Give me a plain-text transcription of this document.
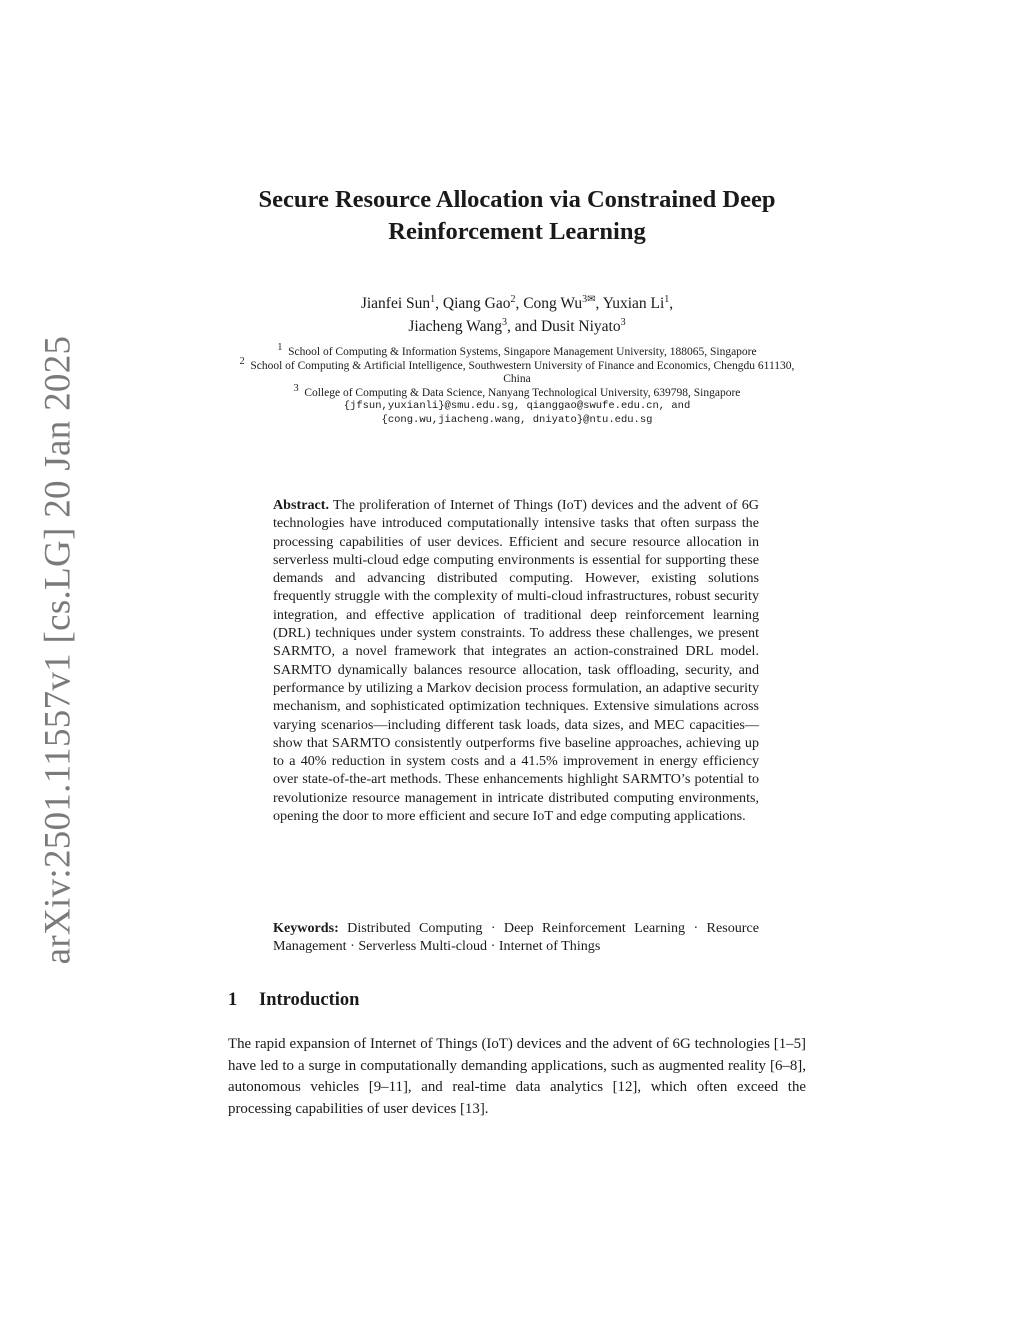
arXiv:2501.11557v1 [cs.LG] 20 Jan 2025
Secure Resource Allocation via Constrained Deep
Reinforcement Learning
Jianfei Sun$^1$, Qiang Gao$^2$, Cong $Wu^{3✉}$, Yuxian Li$^1$,
Jiacheng Wang$^3$, and Dusit Niyato$^3$
$^1$ School of Computing & Information Systems, Singapore Management University, 188065, Singapore
$^2$ School of Computing & Artificial Intelligence, Southwestern University of Finance and Economics, Chengdu 611130, China
$^3$ College of Computing & Data Science, Nanyang Technological University, 639798, Singapore
{jfsun,yuxianli}@smu.edu.sg, qianggao@swufe.edu.cn, and
{cong.wu,jiacheng.wang, dniyato}@ntu.edu.sg
Abstract. The proliferation of Internet of Things (IoT) devices and the advent of 6G technologies have introduced computationally intensive tasks that often surpass the processing capabilities of user devices. Efficient and secure resource allocation in serverless multi-cloud edge computing environments is essential for supporting these demands and advancing distributed computing. However, existing solutions frequently struggle with the complexity of multi-cloud infrastructures, robust security integration, and effective application of traditional deep reinforcement learning (DRL) techniques under system constraints. To address these challenges, we present SARMTO, a novel framework that integrates an action-constrained DRL model. SARMTO dynamically balances resource allocation, task offloading, security, and performance by utilizing a Markov decision process formulation, an adaptive security mechanism, and sophisticated optimization techniques. Extensive simulations across varying scenarios—including different task loads, data sizes, and MEC capacities—show that SARMTO consistently outperforms five baseline approaches, achieving up to a 40% reduction in system costs and a 41.5% improvement in energy efficiency over state-of-the-art methods. These enhancements highlight SARMTO’s potential to revolutionize resource management in intricate distributed computing environments, opening the door to more efficient and secure IoT and edge computing applications.
Keywords: Distributed Computing · Deep Reinforcement Learning · Resource Management · Serverless Multi-cloud · Internet of Things
1 Introduction

The rapid expansion of Internet of Things (IoT) devices and the advent of 6G technologies [1–5] have led to a surge in computationally demanding applications, such as augmented reality [6–8], autonomous vehicles [9–11], and real-time data analytics [12], which often exceed the processing capabilities of user devices [13].
